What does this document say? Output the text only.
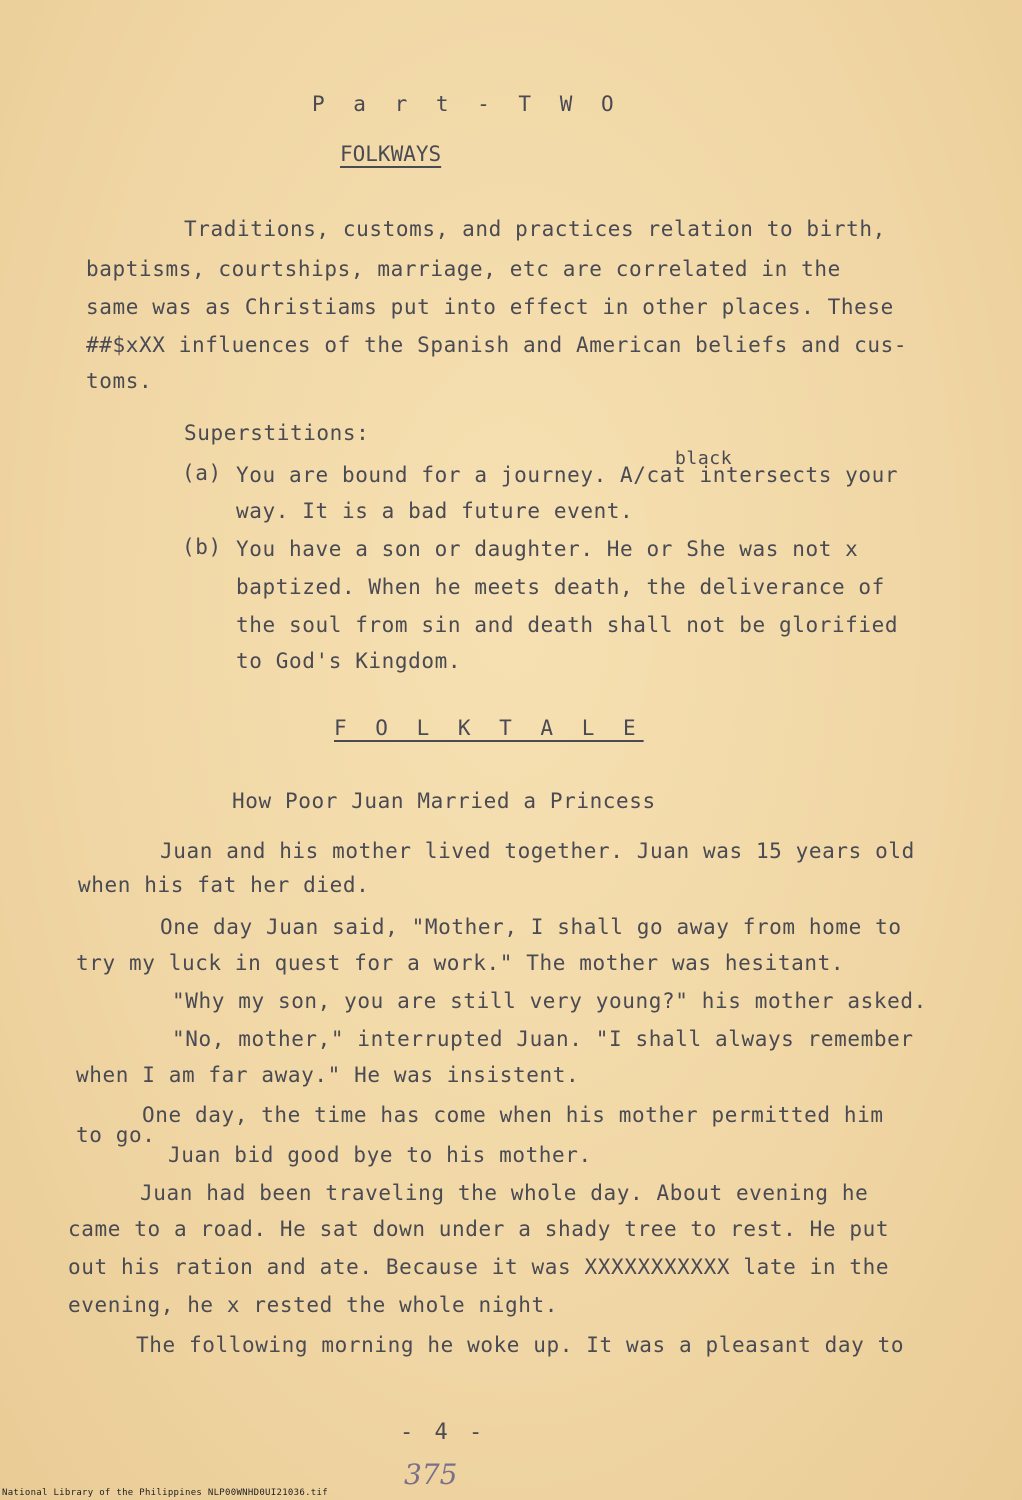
P a r t - T W O
FOLKWAYS
Traditions, customs, and practices relation to birth,
baptisms, courtships, marriage, etc are correlated in the
same was as Christiams put into effect in other places. These
##$xXX influences of the Spanish and American beliefs and cus-
toms.
Superstitions:
(a)
black
You are bound for a journey. A/cat intersects your
way. It is a bad future event.
(b) You have a son or daughter. He or She was not x
baptized. When he meets death, the deliverance of
the soul from sin and death shall not be glorified
to God's Kingdom.
F O L K T A L E
How Poor Juan Married a Princess
Juan and his mother lived together. Juan was 15 years old
when his fat her died.
One day Juan said, "Mother, I shall go away from home to
try my luck in quest for a work." The mother was hesitant.
"Why my son, you are still very young?" his mother asked.
"No, mother," interrupted Juan. "I shall always remember
when I am far away." He was insistent.
One day, the time has come when his mother permitted him
to go.
Juan bid good bye to his mother.
Juan had been traveling the whole day. About evening he
came to a road. He sat down under a shady tree to rest. He put
out his ration and ate. Because it was XXXXXXXXXXX late in the
evening, he x rested the whole night.
The following morning he woke up. It was a pleasant day to
- 4 -
375
National Library of the Philippines NLP00WNHD0UI21036.tif
